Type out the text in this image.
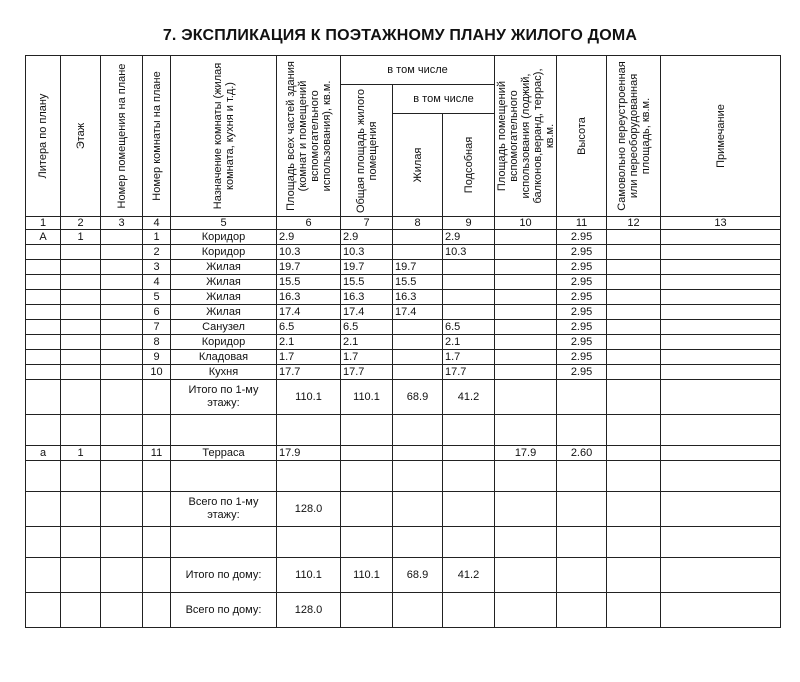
7. ЭКСПЛИКАЦИЯ К ПОЭТАЖНОМУ ПЛАНУ ЖИЛОГО ДОМА
Литера по плану	Этаж	Номер помещения на плане	Номер комнаты на плане	Назначение комнаты (жилая комната, кухня и т.д.)	Площадь всех частей здания (комнат и помещений вспомогательного использования), кв.м.	в том числе			Площадь помещений вспомогательного использования (лоджий, балконов,веранд, террас), кв.м.	Высота	Самовольно переустроенная или переоборудованная площадь, кв.м.	Примечание

						Общая площадь жилого помещения	в том числе					

							Жилая	Подсобная				

1	2	3	4	5	6	7	8	9	10	11	12	13
А	1		1	Коридор	2.9	2.9		2.9		2.95		
			2	Коридор	10.3	10.3		10.3		2.95		
			3	Жилая	19.7	19.7	19.7			2.95		
			4	Жилая	15.5	15.5	15.5			2.95		
			5	Жилая	16.3	16.3	16.3			2.95		
			6	Жилая	17.4	17.4	17.4			2.95		
			7	Санузел	6.5	6.5		6.5		2.95		
			8	Коридор	2.1	2.1		2.1		2.95		
			9	Кладовая	1.7	1.7		1.7		2.95		
			10	Кухня	17.7	17.7		17.7		2.95		
				Итого по 1-му этажу:	110.1	110.1	68.9	41.2				

а	1		11	Терраса	17.9				17.9	2.60		

				Всего по 1-му этажу:	128.0							

				Итого по дому:	110.1	110.1	68.9	41.2				
				Всего по дому:	128.0							
